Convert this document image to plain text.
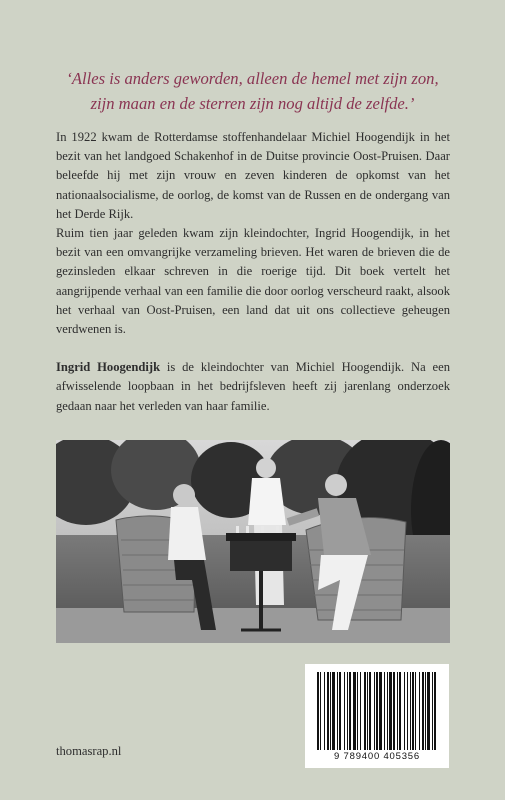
‘Alles is anders geworden, alleen de hemel met zijn zon,
zijn maan en de sterren zijn nog altijd de zelfde.’

In 1922 kwam de Rotterdamse stoffenhandelaar Michiel Hoogendijk in het bezit van het landgoed Schakenhof in de Duitse provincie Oost-Pruisen. Daar beleefde hij met zijn vrouw en zeven kinderen de opkomst van het nationaalsocialisme, de oorlog, de komst van de Russen en de ondergang van het Derde Rijk.

Ruim tien jaar geleden kwam zijn kleindochter, Ingrid Hoogendijk, in het bezit van een omvangrijke verzameling brieven. Het waren de brieven die de gezinsleden elkaar schreven in die roerige tijd. Dit boek vertelt het aangrijpende verhaal van een familie die door oorlog verscheurd raakt, alsook het verhaal van Oost-Pruisen, een land dat uit ons collectieve geheugen verdwenen is.

Ingrid Hoogendijk is de kleindochter van Michiel Hoogendijk. Na een afwisselende loopbaan in het bedrijfsleven heeft zij jarenlang onderzoek gedaan naar het verleden van haar familie.

9 789400 405356
thomasrap.nl
